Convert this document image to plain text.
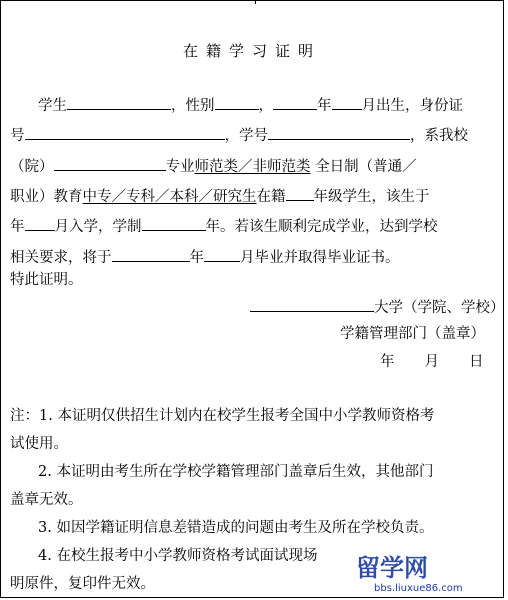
在籍学习证明
学生	，性别	，	年 月出生，身份证
号	，学号	，系我校
（院）	专业师范类／非师范类 全日制（普通／
职业）教育中专／专科／本科／研究生在籍 年级学生，该生于
年 月入学，学制	年。若该生顺利完成学业，达到学校
相关要求，将于	年 月毕业并取得毕业证书。
特此证明。
大学（学院、学校）
学籍管理部门（盖章）
年 月 日
注：1. 本证明仅供招生计划内在校学生报考全国中小学教师资格考
试使用。
2. 本证明由考生所在学校学籍管理部门盖章后生效，其他部门
盖章无效。
3. 如因学籍证明信息差错造成的问题由考生及所在学校负责。
4. 在校生报考中小学教师资格考试面试现场
明原件，复印件无效。
留学网
bbs.liuxue86.com
